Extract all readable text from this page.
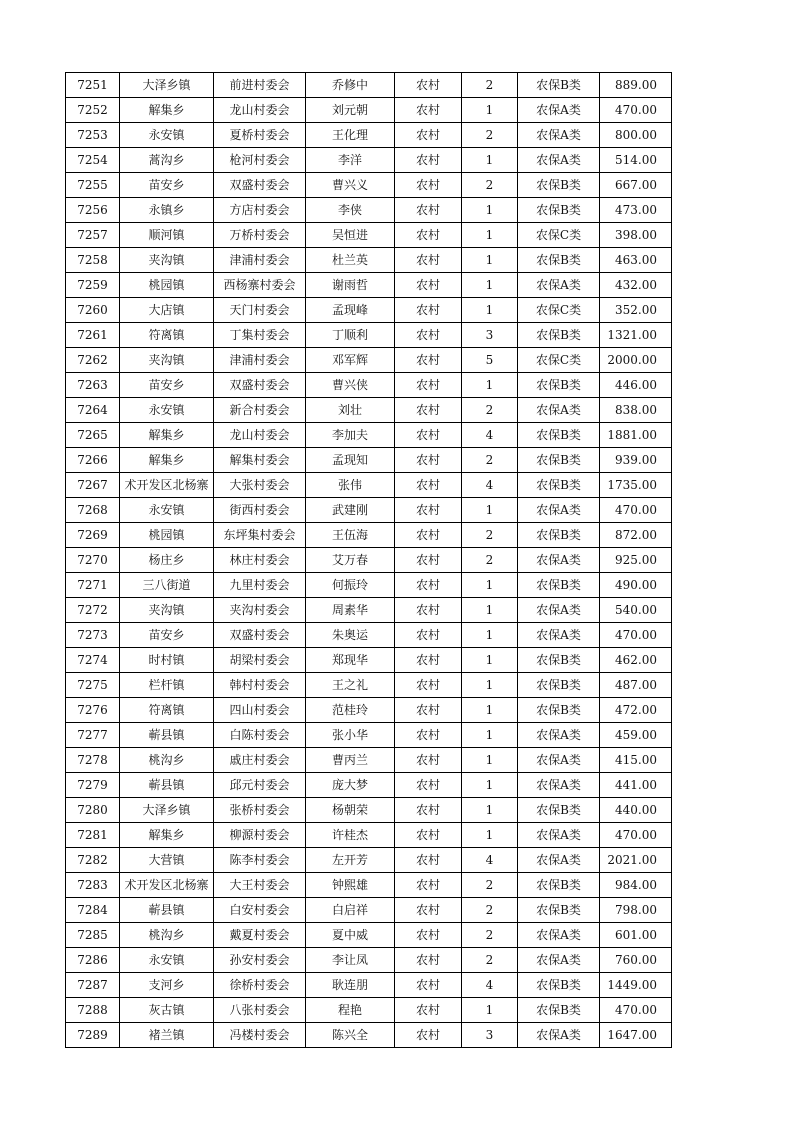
7251	大泽乡镇	前进村委会	乔修中	农村	2	农保B类	889.00
7252	解集乡	龙山村委会	刘元朝	农村	1	农保A类	470.00
7253	永安镇	夏桥村委会	王化理	农村	2	农保A类	800.00
7254	蒿沟乡	枪河村委会	李洋	农村	1	农保A类	514.00
7255	苗安乡	双盛村委会	曹兴义	农村	2	农保B类	667.00
7256	永镇乡	方店村委会	李侠	农村	1	农保B类	473.00
7257	顺河镇	万桥村委会	吴恒进	农村	1	农保C类	398.00
7258	夹沟镇	津浦村委会	杜兰英	农村	1	农保B类	463.00
7259	桃园镇	西杨寨村委会	谢雨哲	农村	1	农保A类	432.00
7260	大店镇	天门村委会	孟现峰	农村	1	农保C类	352.00
7261	符离镇	丁集村委会	丁顺利	农村	3	农保B类	1321.00
7262	夹沟镇	津浦村委会	邓军辉	农村	5	农保C类	2000.00
7263	苗安乡	双盛村委会	曹兴侠	农村	1	农保B类	446.00
7264	永安镇	新合村委会	刘壮	农村	2	农保A类	838.00
7265	解集乡	龙山村委会	李加夫	农村	4	农保B类	1881.00
7266	解集乡	解集村委会	孟现知	农村	2	农保B类	939.00
7267	术开发区北杨寨	大张村委会	张伟	农村	4	农保B类	1735.00
7268	永安镇	街西村委会	武建刚	农村	1	农保A类	470.00
7269	桃园镇	东坪集村委会	王伍海	农村	2	农保B类	872.00
7270	杨庄乡	林庄村委会	艾万春	农村	2	农保A类	925.00
7271	三八街道	九里村委会	何振玲	农村	1	农保B类	490.00
7272	夹沟镇	夹沟村委会	周素华	农村	1	农保A类	540.00
7273	苗安乡	双盛村委会	朱奥运	农村	1	农保A类	470.00
7274	时村镇	胡梁村委会	郑现华	农村	1	农保B类	462.00
7275	栏杆镇	韩村村委会	王之礼	农村	1	农保B类	487.00
7276	符离镇	四山村委会	范桂玲	农村	1	农保B类	472.00
7277	蕲县镇	白陈村委会	张小华	农村	1	农保A类	459.00
7278	桃沟乡	戚庄村委会	曹丙兰	农村	1	农保A类	415.00
7279	蕲县镇	邱元村委会	庞大梦	农村	1	农保A类	441.00
7280	大泽乡镇	张桥村委会	杨朝荣	农村	1	农保B类	440.00
7281	解集乡	柳源村委会	许桂杰	农村	1	农保A类	470.00
7282	大营镇	陈李村委会	左开芳	农村	4	农保A类	2021.00
7283	术开发区北杨寨	大王村委会	钟熙雄	农村	2	农保B类	984.00
7284	蕲县镇	白安村委会	白启祥	农村	2	农保B类	798.00
7285	桃沟乡	戴夏村委会	夏中威	农村	2	农保A类	601.00
7286	永安镇	孙安村委会	李让凤	农村	2	农保A类	760.00
7287	支河乡	徐桥村委会	耿连朋	农村	4	农保B类	1449.00
7288	灰古镇	八张村委会	程艳	农村	1	农保B类	470.00
7289	褚兰镇	冯楼村委会	陈兴全	农村	3	农保A类	1647.00
